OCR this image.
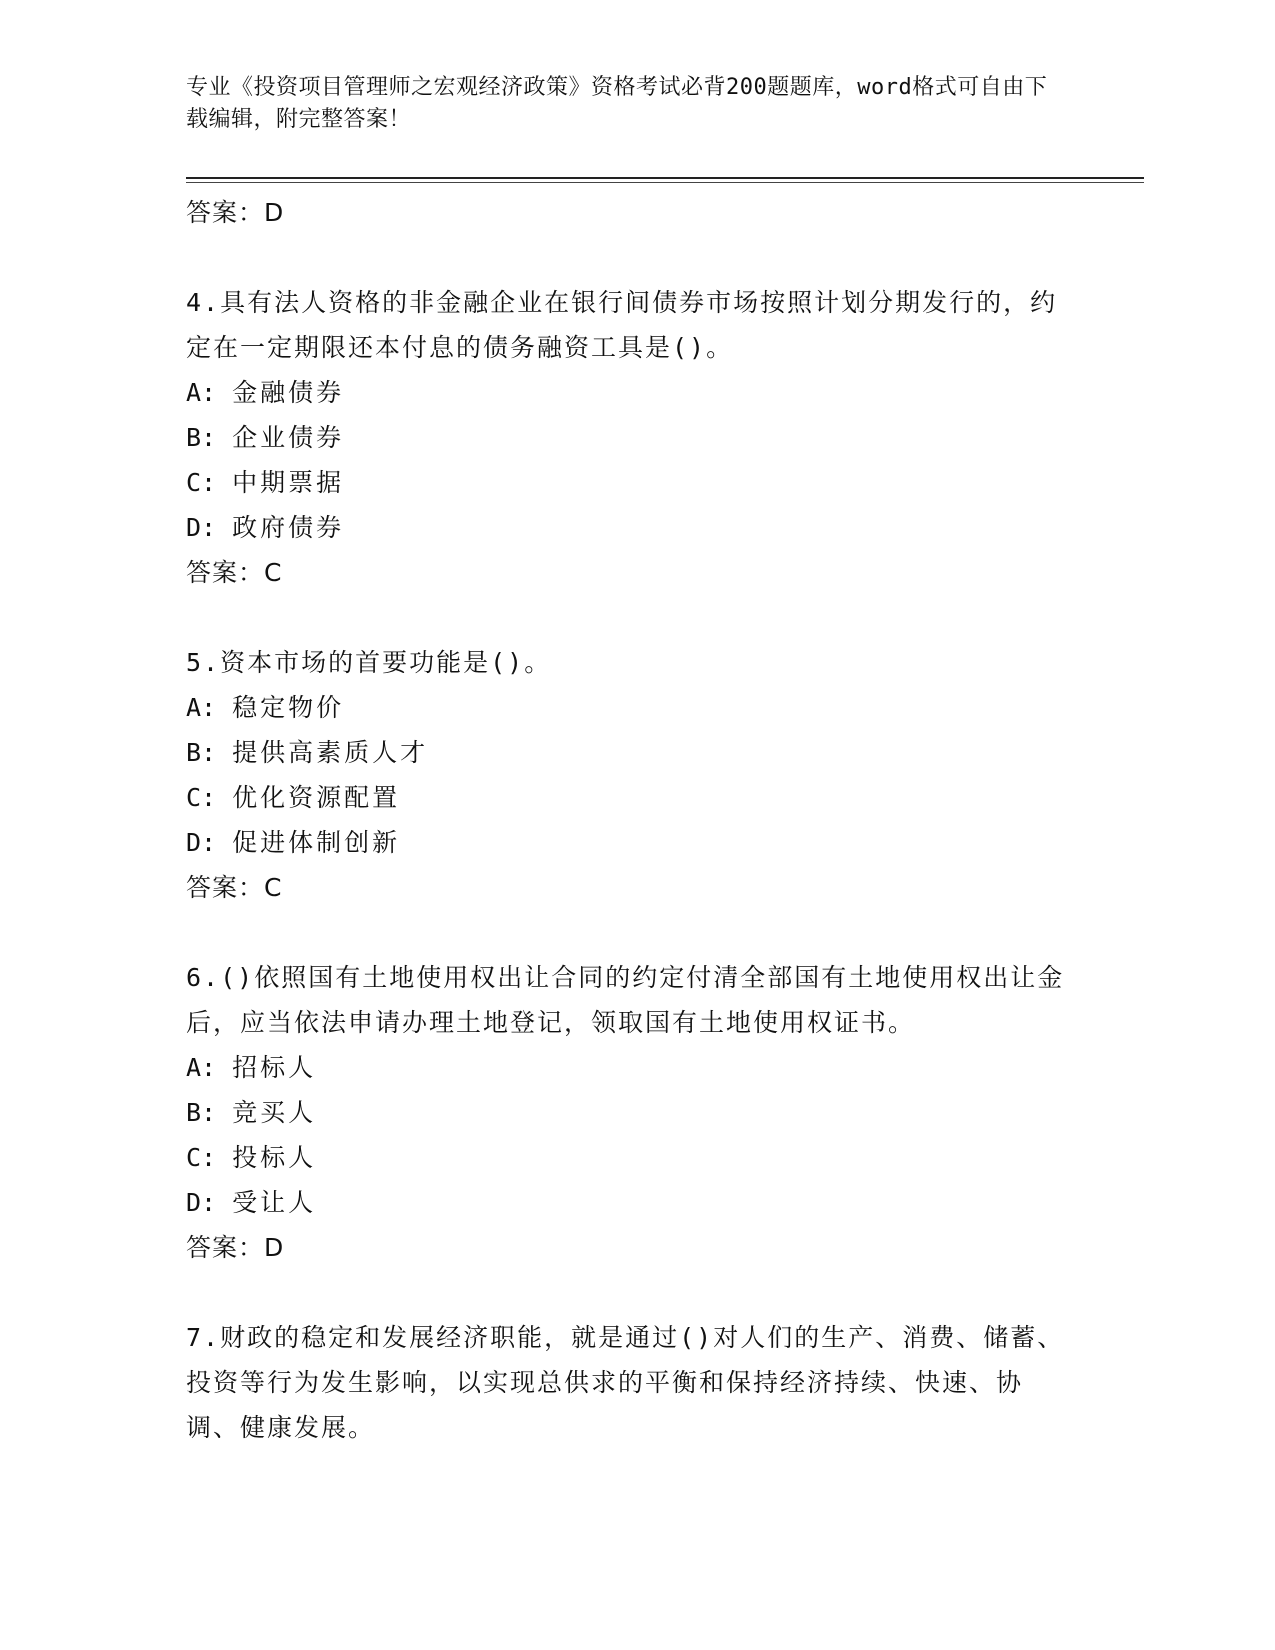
专业《投资项目管理师之宏观经济政策》资格考试必背200题题库，word格式可自由下载编辑，附完整答案！
答案：D
4.具有法人资格的非金融企业在银行间债券市场按照计划分期发行的，约定在一定期限还本付息的债务融资工具是()。
A: 金融债券
B: 企业债券
C: 中期票据
D: 政府债券
答案：C
5.资本市场的首要功能是()。
A: 稳定物价
B: 提供高素质人才
C: 优化资源配置
D: 促进体制创新
答案：C
6.()依照国有土地使用权出让合同的约定付清全部国有土地使用权出让金后，应当依法申请办理土地登记，领取国有土地使用权证书。
A: 招标人
B: 竞买人
C: 投标人
D: 受让人
答案：D
7.财政的稳定和发展经济职能，就是通过()对人们的生产、消费、储蓄、投资等行为发生影响，以实现总供求的平衡和保持经济持续、快速、协调、健康发展。
